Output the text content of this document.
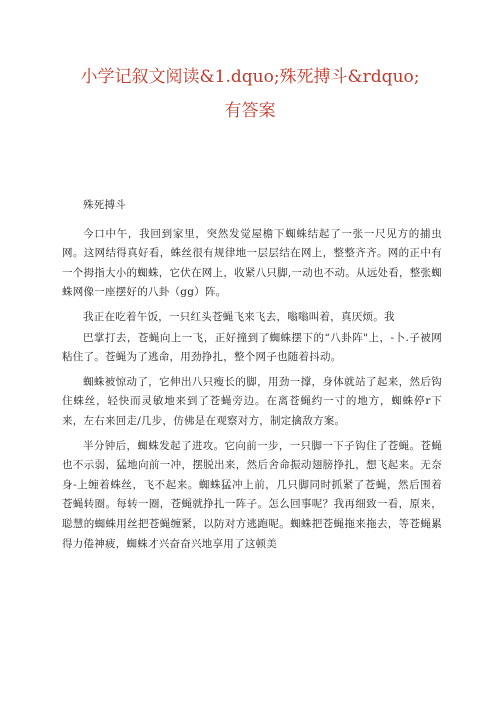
小学记叙文阅读&1.dquo;殊死搏斗&rdquo;
有答案

殊死搏斗

今口中午，我回到家里，突然发觉屋檐下蜘蛛结起了一张一尺见方的捕虫网。这网结得真好看，蛛丝很有规律地一层层结在网上，整整齐齐。网的正中有一个拇指大小的蜘蛛，它伏在网上，收紧八只脚,一动也不动。从远处看，整张蜘蛛网像一座摆好的八卦（gg）阵。

我正在吃着午饭，一只红头苍蝇飞来飞去，嗡嗡叫着，真厌烦。我

巴掌打去，苍蝇向上一飞，正好撞到了蜘蛛摆下的“八卦阵"上，-卜.子被网粘住了。苍蝇为了逃命，用劲挣扎，整个网子也随着抖动。

蜘蛛被惊动了，它伸出八只瘦长的脚，用劲一撑，身体就站了起来，然后钩住蛛丝，轻快而灵敏地来到了苍蝇旁边。在离苍蝇约一寸的地方，蜘蛛停r下来，左右来回走/几步，仿佛是在观察对方，制定擒敌方案。

半分钟后，蜘蛛发起了进攻。它向前一步，一只脚一下子钩住了苍蝇。苍蝇也不示弱，猛地向前一冲，摆脱出来，然后舍命振动翅膀挣扎，想飞起来。无奈身-上缠着蛛丝，飞不起来。蜘蛛猛冲上前，几只脚同时抓紧了苍蝇，然后围着苍蝇转圈。每转一圈，苍蝇就挣扎一阵子。怎么回事呢？我再细致一看，原来，聪慧的蜘蛛用丝把苍蝇缠紧，以防对方逃跑呢。蜘蛛把苍蝇拖来拖去，等苍蝇累得力倦神疲，蜘蛛才兴奋奋兴地享用了这顿美
